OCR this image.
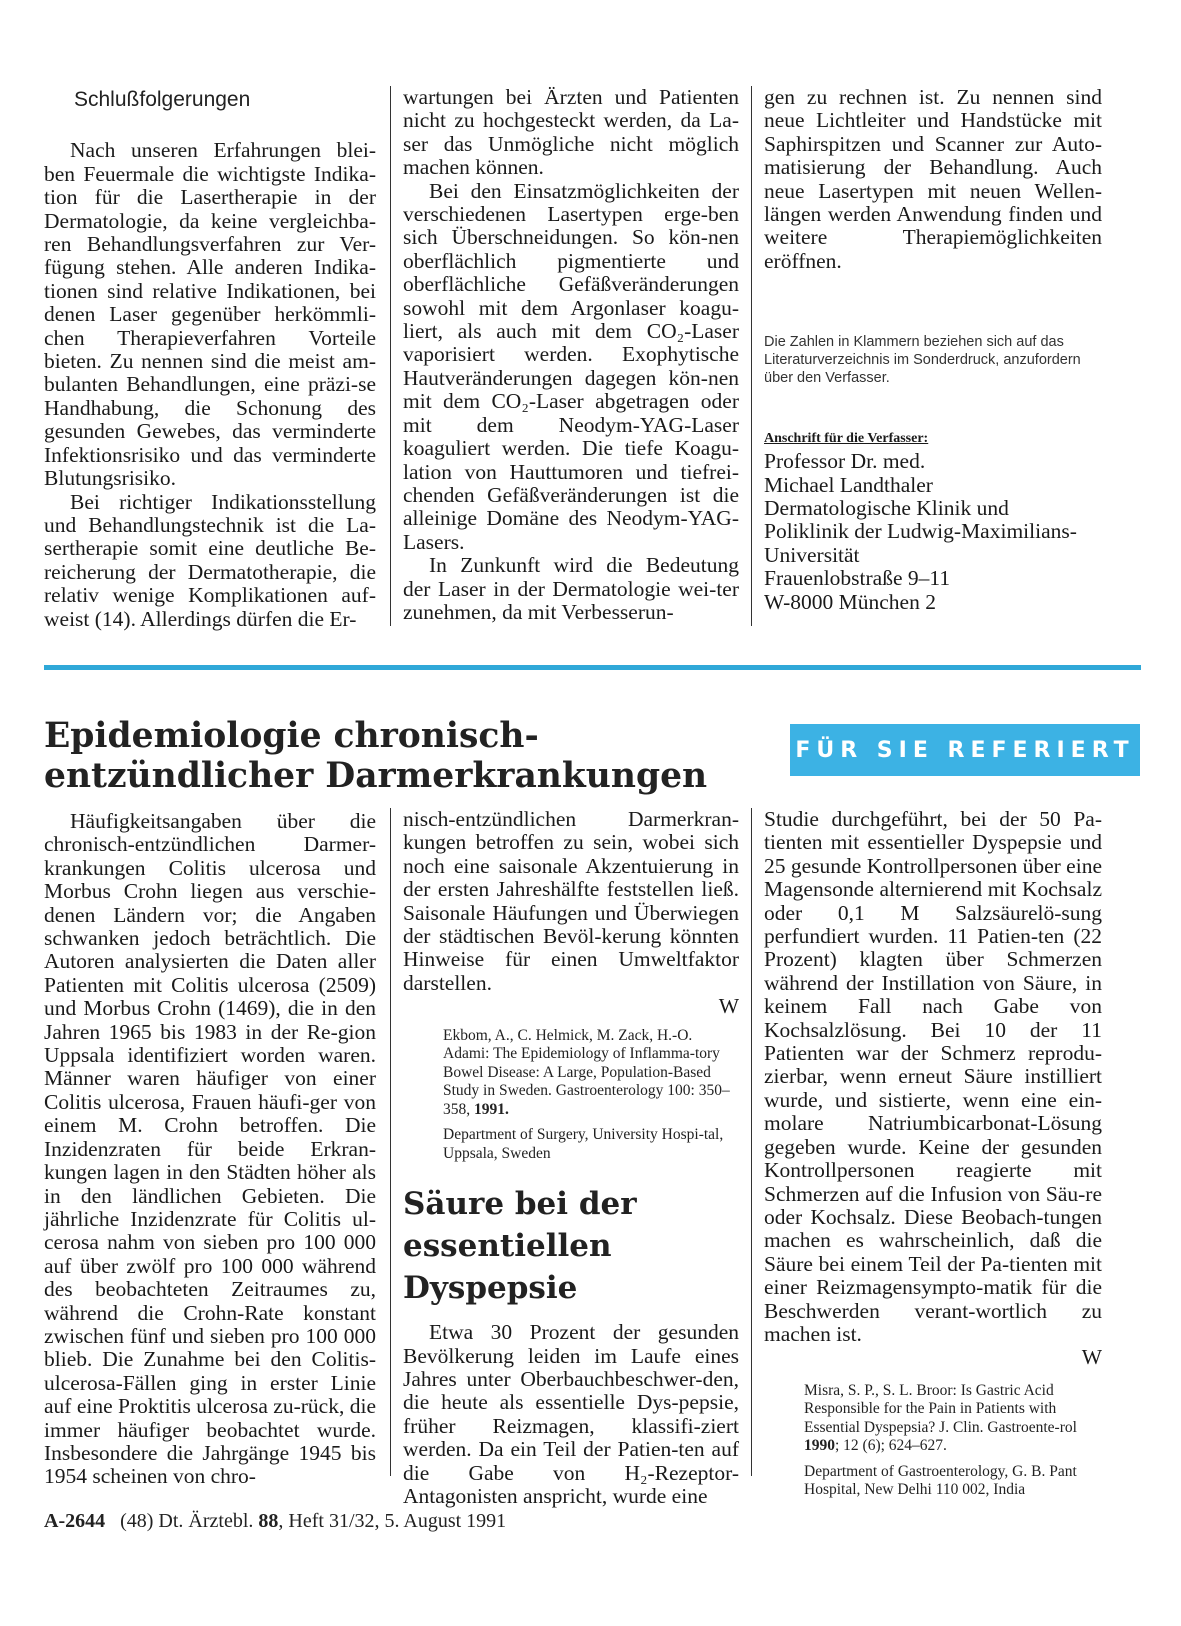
Schlußfolgerungen

Nach unseren Erfahrungen blei-ben Feuermale die wichtigste Indika-tion für die Lasertherapie in der Dermatologie, da keine vergleichba-ren Behandlungsverfahren zur Ver-fügung stehen. Alle anderen Indika-tionen sind relative Indikationen, bei denen Laser gegenüber herkömmli-chen Therapieverfahren Vorteile bieten. Zu nennen sind die meist am-bulanten Behandlungen, eine präzi-se Handhabung, die Schonung des gesunden Gewebes, das verminderte Infektionsrisiko und das verminderte Blutungsrisiko.

Bei richtiger Indikationsstellung und Behandlungstechnik ist die La-sertherapie somit eine deutliche Be-reicherung der Dermatotherapie, die relativ wenige Komplikationen auf-weist (14). Allerdings dürfen die Er-

wartungen bei Ärzten und Patienten nicht zu hochgesteckt werden, da La-ser das Unmögliche nicht möglich machen können.

Bei den Einsatzmöglichkeiten der verschiedenen Lasertypen erge-ben sich Überschneidungen. So kön-nen oberflächlich pigmentierte und oberflächliche Gefäßveränderungen sowohl mit dem Argonlaser koagu-liert, als auch mit dem CO₂-Laser vaporisiert werden. Exophytische Hautveränderungen dagegen kön-nen mit dem CO₂-Laser abgetragen oder mit dem Neodym-YAG-Laser koaguliert werden. Die tiefe Koagu-lation von Hauttumoren und tiefrei-chenden Gefäßveränderungen ist die alleinige Domäne des Neodym-YAG-Lasers.

In Zunkunft wird die Bedeutung der Laser in der Dermatologie wei-ter zunehmen, da mit Verbesserun-

gen zu rechnen ist. Zu nennen sind neue Lichtleiter und Handstücke mit Saphirspitzen und Scanner zur Auto-matisierung der Behandlung. Auch neue Lasertypen mit neuen Wellen-längen werden Anwendung finden und weitere Therapiemöglichkeiten eröffnen.

Die Zahlen in Klammern beziehen sich auf das Literaturverzeichnis im Sonderdruck, anzufordern über den Verfasser.
Anschrift für die Verfasser:
Professor Dr. med.
Michael Landthaler
Dermatologische Klinik und
Poliklinik der Ludwig-Maximilians-
Universität
Frauenlobstraße 9–11
W-8000 München 2
Epidemiologie chronisch-entzündlicher Darmerkrankungen
FÜR SIE REFERIERT

Häufigkeitsangaben über die chronisch-entzündlichen Darmer-krankungen Colitis ulcerosa und Morbus Crohn liegen aus verschie-denen Ländern vor; die Angaben schwanken jedoch beträchtlich. Die Autoren analysierten die Daten aller Patienten mit Colitis ulcerosa (2509) und Morbus Crohn (1469), die in den Jahren 1965 bis 1983 in der Re-gion Uppsala identifiziert worden waren. Männer waren häufiger von einer Colitis ulcerosa, Frauen häufi-ger von einem M. Crohn betroffen. Die Inzidenzraten für beide Erkran-kungen lagen in den Städten höher als in den ländlichen Gebieten. Die jährliche Inzidenzrate für Colitis ul-cerosa nahm von sieben pro 100 000 auf über zwölf pro 100 000 während des beobachteten Zeitraumes zu, während die Crohn-Rate konstant zwischen fünf und sieben pro 100 000 blieb. Die Zunahme bei den Colitis-ulcerosa-Fällen ging in erster Linie auf eine Proktitis ulcerosa zu-rück, die immer häufiger beobachtet wurde. Insbesondere die Jahrgänge 1945 bis 1954 scheinen von chro-

nisch-entzündlichen Darmerkran-kungen betroffen zu sein, wobei sich noch eine saisonale Akzentuierung in der ersten Jahreshälfte feststellen ließ. Saisonale Häufungen und Überwiegen der städtischen Bevöl-kerung könnten Hinweise für einen Umweltfaktor darstellen.

W

Ekbom, A., C. Helmick, M. Zack, H.-O. Adami: The Epidemiology of Inflamma-tory Bowel Disease: A Large, Population-Based Study in Sweden. Gastroenterology 100: 350–358, 1991.

Department of Surgery, University Hospi-tal, Uppsala, Sweden

Säure bei der essentiellen Dyspepsie

Etwa 30 Prozent der gesunden Bevölkerung leiden im Laufe eines Jahres unter Oberbauchbeschwer-den, die heute als essentielle Dys-pepsie, früher Reizmagen, klassifi-ziert werden. Da ein Teil der Patien-ten auf die Gabe von H₂-Rezeptor-Antagonisten anspricht, wurde eine

Studie durchgeführt, bei der 50 Pa-tienten mit essentieller Dyspepsie und 25 gesunde Kontrollpersonen über eine Magensonde alternierend mit Kochsalz oder 0,1 M Salzsäurelö-sung perfundiert wurden. 11 Patien-ten (22 Prozent) klagten über Schmerzen während der Instillation von Säure, in keinem Fall nach Gabe von Kochsalzlösung. Bei 10 der 11 Patienten war der Schmerz reprodu-zierbar, wenn erneut Säure instilliert wurde, und sistierte, wenn eine ein-molare Natriumbicarbonat-Lösung gegeben wurde. Keine der gesunden Kontrollpersonen reagierte mit Schmerzen auf die Infusion von Säu-re oder Kochsalz. Diese Beobach-tungen machen es wahrscheinlich, daß die Säure bei einem Teil der Pa-tienten mit einer Reizmagensympto-matik für die Beschwerden verant-wortlich zu machen ist.

W

Misra, S. P., S. L. Broor: Is Gastric Acid Responsible for the Pain in Patients with Essential Dyspepsia? J. Clin. Gastroente-rol 1990; 12 (6); 624–627.

Department of Gastroenterology, G. B. Pant Hospital, New Delhi 110 002, India

A-2644 (48) Dt. Ärztebl. 88, Heft 31/32, 5. August 1991
